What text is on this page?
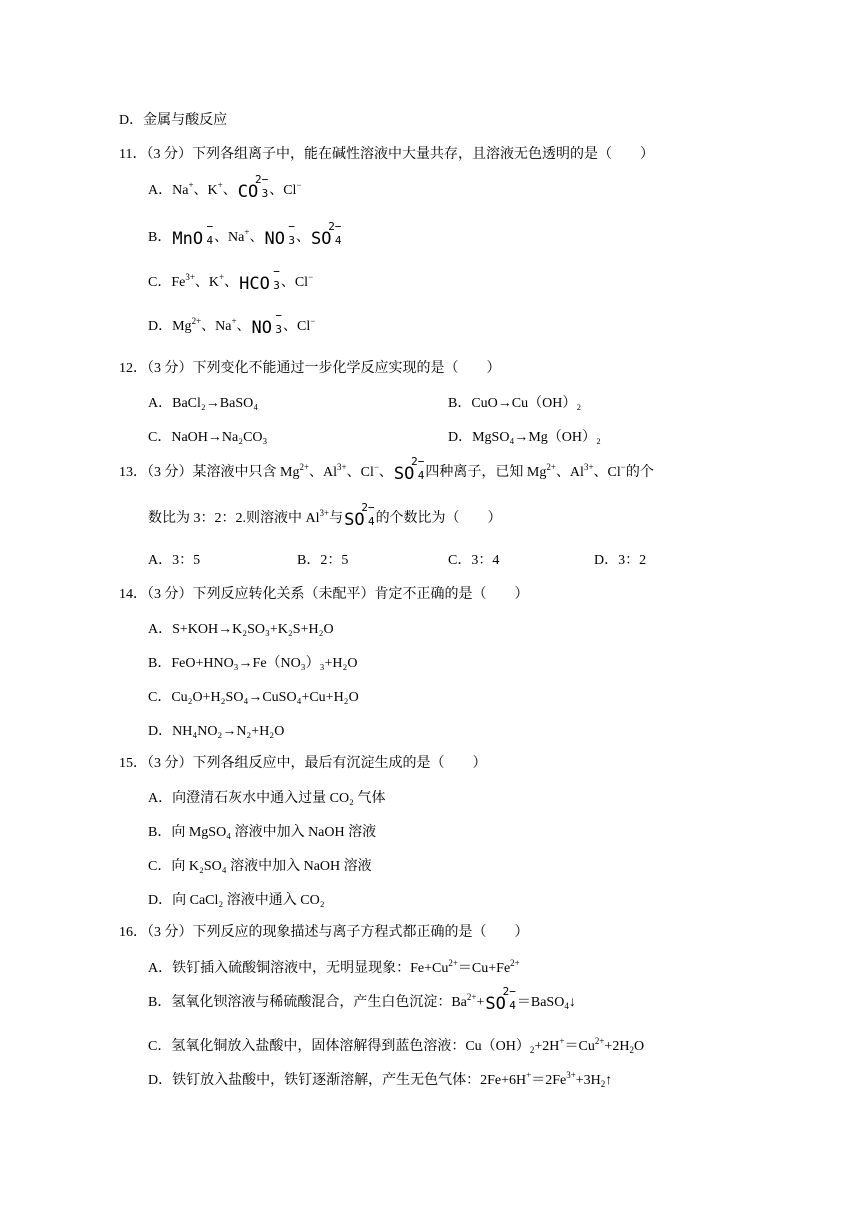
D．金属与酸反应
11．（3 分）下列各组离子中，能在碱性溶液中大量共存，且溶液无色透明的是（　　）
A．Na+、K+、CO
2−
3 、Cl−
B．MnO
−
4 、Na+、NO
−
3 、SO
2−
4
C．$Fe^{3+}$、K+、HCO
−
3 、Cl−
D．$Mg^{2+}$、Na+、NO
−
3 、Cl−
12．（3 分）下列变化不能通过一步化学反应实现的是（　　）
A．BaCl₂→BaSO₄	B．CuO→Cu（OH）₂
C．NaOH→Na₂CO₃	D．MgSO₄→Mg（OH）₂
13．（3 分）某溶液中只含 $Mg^{2+}$、$Al^{3+}$、Cl−、SO
2−
4 四种离子，已知 $Mg^{2+}$、$Al^{3+}$、Cl−的个
数比为 3：2：2.则溶液中 $Al^{3+}$与SO
2−
4 的个数比为（　　）
A．3：5	B．2：5	C．3：4	D．3：2
14．（3 分）下列反应转化关系（未配平）肯定不正确的是（　　）
A．S+KOH→K₂SO₃+K₂S+H₂O
B．FeO+HNO₃→Fe（NO₃）₃+H₂O
C．Cu₂O+H₂SO₄→CuSO₄+Cu+H₂O
D．NH₄NO₂→N₂+H₂O
15．（3 分）下列各组反应中，最后有沉淀生成的是（　　）
A．向澄清石灰水中通入过量 CO₂ 气体
B．向 MgSO₄ 溶液中加入 NaOH 溶液
C．向 K₂SO₄ 溶液中加入 NaOH 溶液
D．向 CaCl₂ 溶液中通入 CO₂
16．（3 分）下列反应的现象描述与离子方程式都正确的是（　　）
A．铁钉插入硫酸铜溶液中，无明显现象：$Fe+Cu^{2+}=Cu+Fe^{2+}$
B．氢氧化钡溶液与稀硫酸混合，产生白色沉淀：$Ba^{2+}+SO$
2−
4 ＝BaSO$_4$↓
C．氢氧化铜放入盐酸中，固体溶解得到蓝色溶液：$Cu(OH)_2+2H^+=Cu^{2+}+2H_2O$
D．铁钉放入盐酸中，铁钉逐渐溶解，产生无色气体：$2Fe+6H^+=2Fe^{3+}+3H_2↑$
